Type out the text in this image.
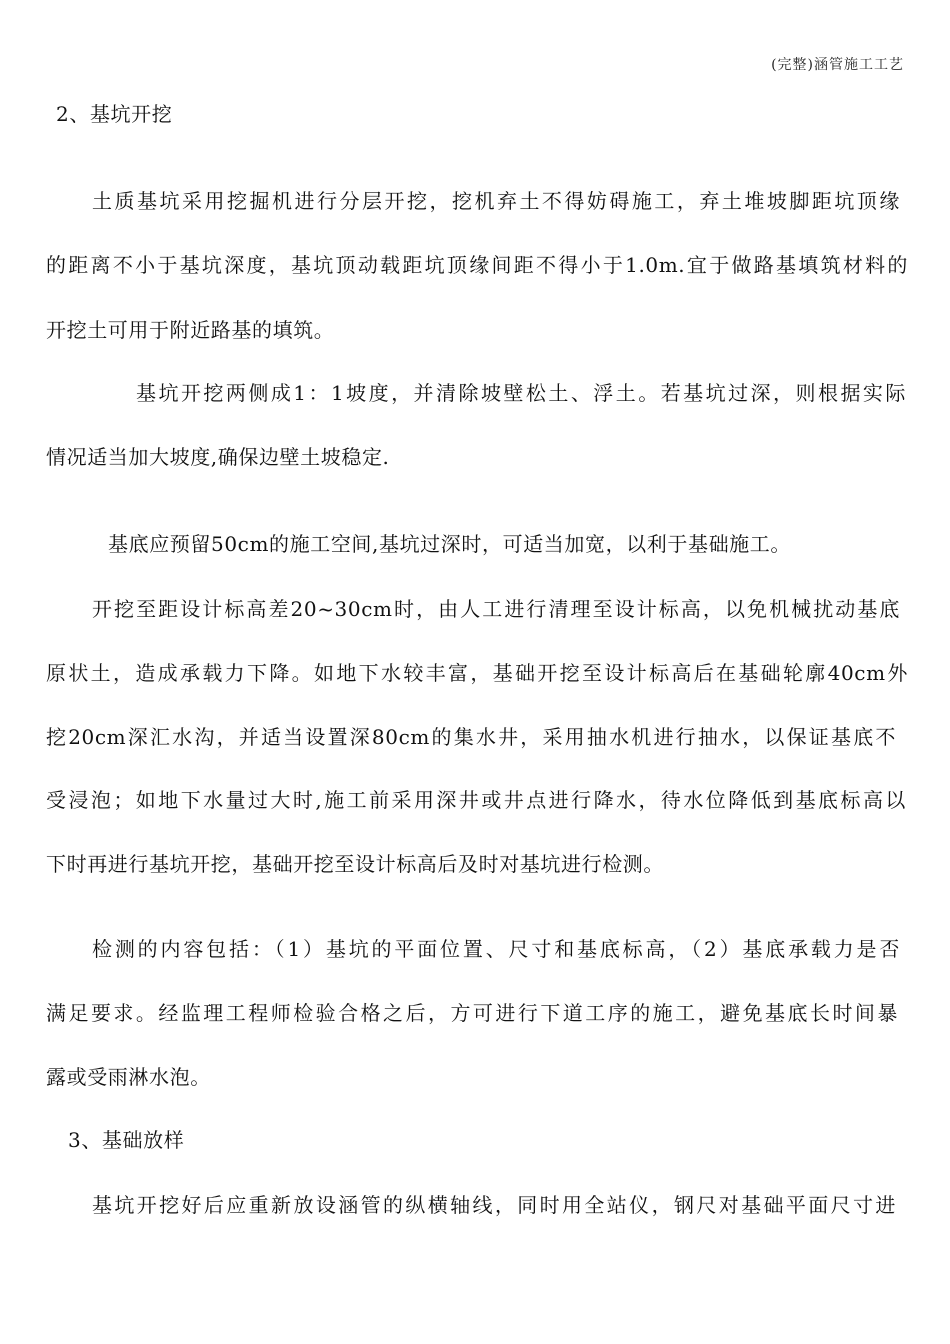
(完整)涵管施工工艺
2、基坑开挖
土质基坑采用挖掘机进行分层开挖，挖机弃土不得妨碍施工，弃土堆坡脚距坑顶缘
的距离不小于基坑深度，基坑顶动载距坑顶缘间距不得小于1.0m.宜于做路基填筑材料的
开挖土可用于附近路基的填筑。
基坑开挖两侧成1：1坡度，并清除坡壁松土、浮土。若基坑过深，则根据实际
情况适当加大坡度,确保边壁土坡稳定.
基底应预留50cm的施工空间,基坑过深时，可适当加宽，以利于基础施工。
开挖至距设计标高差20~30cm时，由人工进行清理至设计标高，以免机械扰动基底
原状土，造成承载力下降。如地下水较丰富，基础开挖至设计标高后在基础轮廓40cm外
挖20cm深汇水沟，并适当设置深80cm的集水井，采用抽水机进行抽水，以保证基底不
受浸泡；如地下水量过大时,施工前采用深井或井点进行降水，待水位降低到基底标高以
下时再进行基坑开挖，基础开挖至设计标高后及时对基坑进行检测。
检测的内容包括：（1）基坑的平面位置、尺寸和基底标高，（2）基底承载力是否
满足要求。经监理工程师检验合格之后，方可进行下道工序的施工，避免基底长时间暴
露或受雨淋水泡。
3、基础放样
基坑开挖好后应重新放设涵管的纵横轴线，同时用全站仪，钢尺对基础平面尺寸进
